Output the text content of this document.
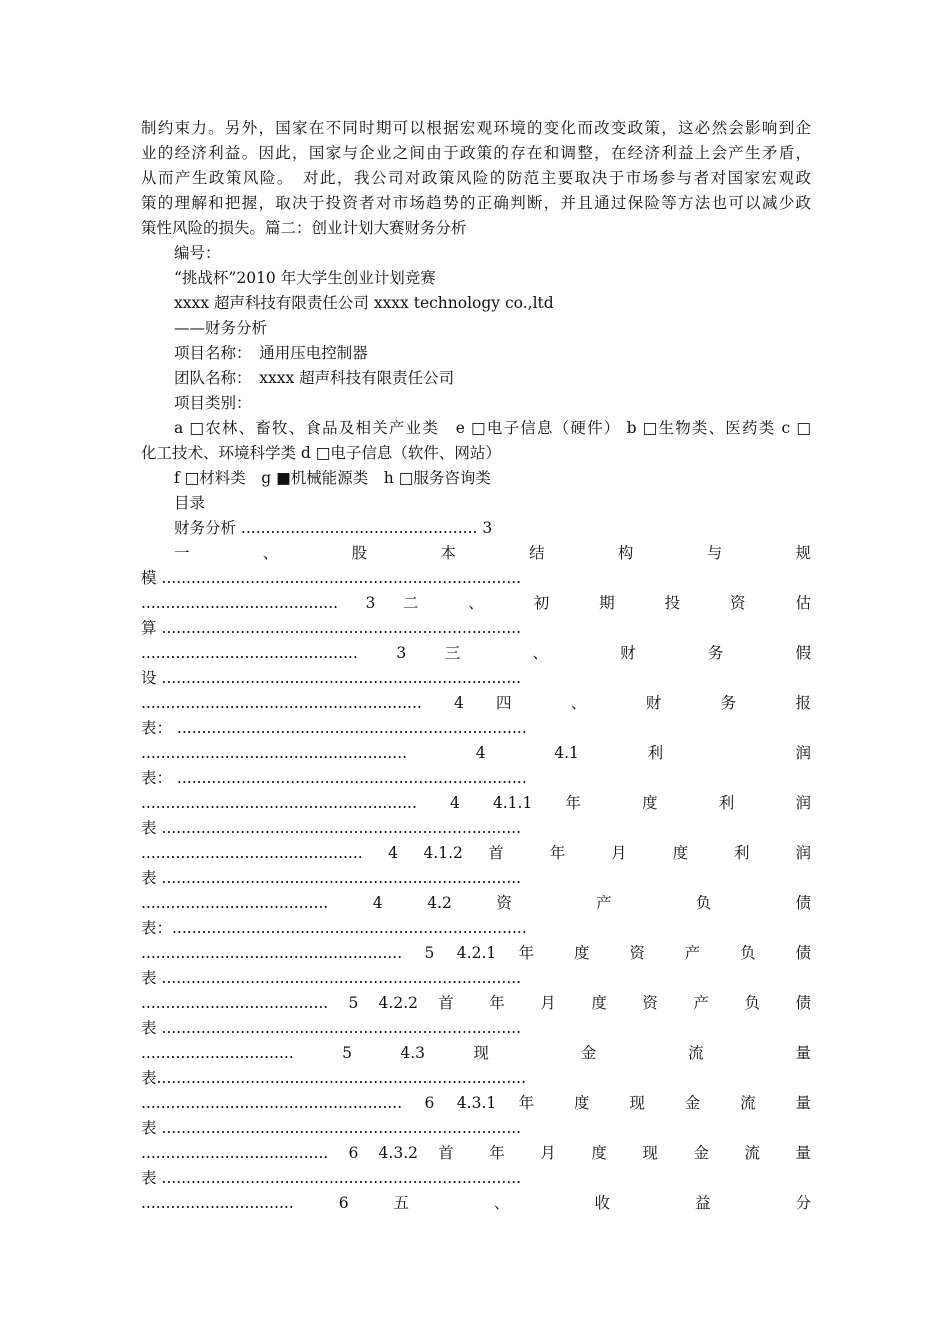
制约束力。另外，国家在不同时期可以根据宏观环境的变化而改变政策，这必然会影响到企
业的经济利益。因此，国家与企业之间由于政策的存在和调整，在经济利益上会产生矛盾，
从而产生政策风险。　对此，我公司对政策风险的防范主要取决于市场参与者对国家宏观政
策的理解和把握，取决于投资者对市场趋势的正确判断，并且通过保险等方法也可以减少政
策性风险的损失。篇二：创业计划大赛财务分析
编号：
“挑战杯”2010 年大学生创业计划竞赛
xxxx 超声科技有限责任公司 xxxx technology co.,ltd
——财务分析
项目名称：　通用压电控制器
团队名称：　xxxx 超声科技有限责任公司
项目类别：
a □农林、畜牧、食品及相关产业类　e □电子信息（硬件） b □生物类、医药类 c □
化工技术、环境科学类 d □电子信息（软件、网站）
f □材料类　g ■机械能源类　h □服务咨询类
目录
财务分析 ................................................ 3
一 、 股 本 结 构 与 规
模 .........................................................................
........................................ 3 二 、 初 期 投 资 估
算 .........................................................................
............................................ 3 三 、 财 务 假
设 .........................................................................
......................................................... 4 四 、 财 务 报
表： .......................................................................
...................................................... 4 4.1 利 润
表： .......................................................................
........................................................ 4 4.1.1 年 度 利 润
表 .........................................................................
............................................. 4 4.1.2 首 年 月 度 利 润
表 .........................................................................
...................................... 4 4.2 资 产 负 债
表：........................................................................
..................................................... 5 4.2.1 年 度 资 产 负 债
表 .........................................................................
...................................... 5 4.2.2 首 年 月 度 资 产 负 债
表 .........................................................................
............................... 5 4.3 现 金 流 量
表...........................................................................
..................................................... 6 4.3.1 年 度 现 金 流 量
表 .........................................................................
...................................... 6 4.3.2 首 年 月 度 现 金 流 量
表 .........................................................................
............................... 6 五 、 收 益 分
